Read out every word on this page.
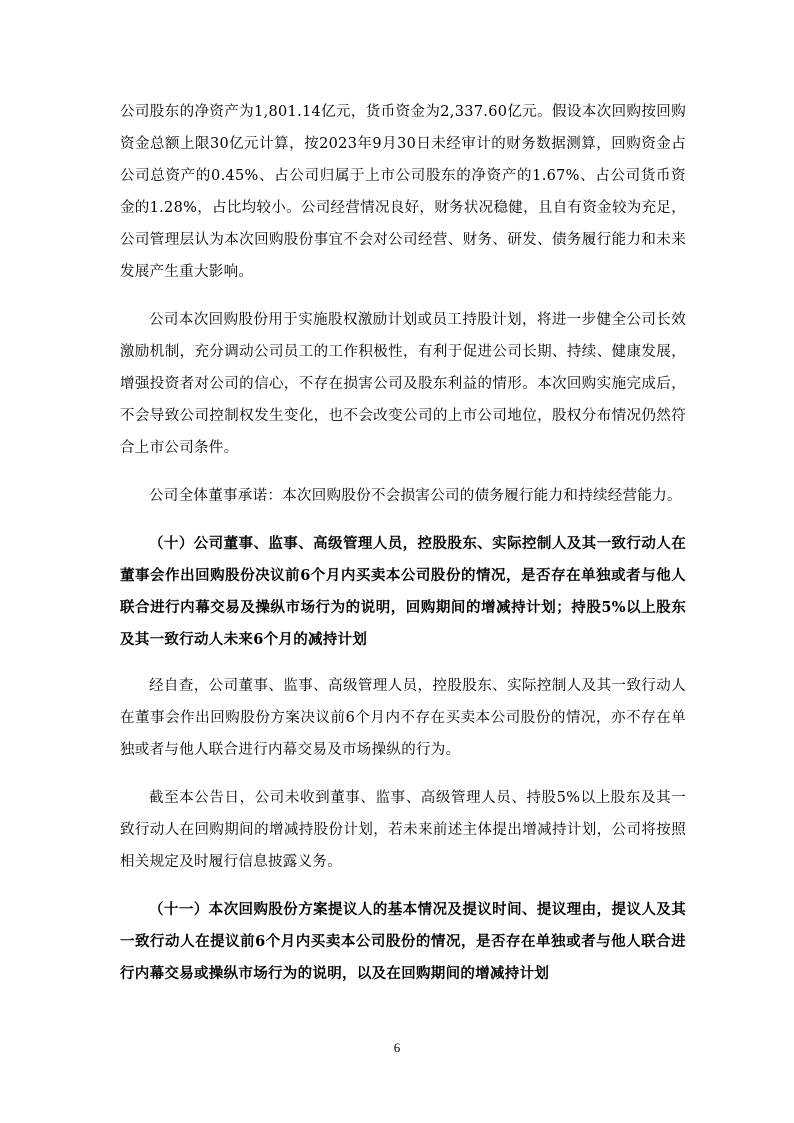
公司股东的净资产为1,801.14亿元，货币资金为2,337.60亿元。假设本次回购按回购资金总额上限30亿元计算，按2023年9月30日未经审计的财务数据测算，回购资金占公司总资产的0.45%、占公司归属于上市公司股东的净资产的1.67%、占公司货币资金的1.28%，占比均较小。公司经营情况良好，财务状况稳健，且自有资金较为充足，公司管理层认为本次回购股份事宜不会对公司经营、财务、研发、债务履行能力和未来发展产生重大影响。

公司本次回购股份用于实施股权激励计划或员工持股计划，将进一步健全公司长效激励机制，充分调动公司员工的工作积极性，有利于促进公司长期、持续、健康发展，增强投资者对公司的信心，不存在损害公司及股东利益的情形。本次回购实施完成后，不会导致公司控制权发生变化，也不会改变公司的上市公司地位，股权分布情况仍然符合上市公司条件。

公司全体董事承诺：本次回购股份不会损害公司的债务履行能力和持续经营能力。

（十）公司董事、监事、高级管理人员，控股股东、实际控制人及其一致行动人在董事会作出回购股份决议前6个月内买卖本公司股份的情况，是否存在单独或者与他人联合进行内幕交易及操纵市场行为的说明，回购期间的增减持计划；持股5%以上股东及其一致行动人未来6个月的减持计划

经自查，公司董事、监事、高级管理人员，控股股东、实际控制人及其一致行动人在董事会作出回购股份方案决议前6个月内不存在买卖本公司股份的情况，亦不存在单独或者与他人联合进行内幕交易及市场操纵的行为。

截至本公告日，公司未收到董事、监事、高级管理人员、持股5%以上股东及其一致行动人在回购期间的增减持股份计划，若未来前述主体提出增减持计划，公司将按照相关规定及时履行信息披露义务。

（十一）本次回购股份方案提议人的基本情况及提议时间、提议理由，提议人及其一致行动人在提议前6个月内买卖本公司股份的情况，是否存在单独或者与他人联合进行内幕交易或操纵市场行为的说明，以及在回购期间的增减持计划

6
